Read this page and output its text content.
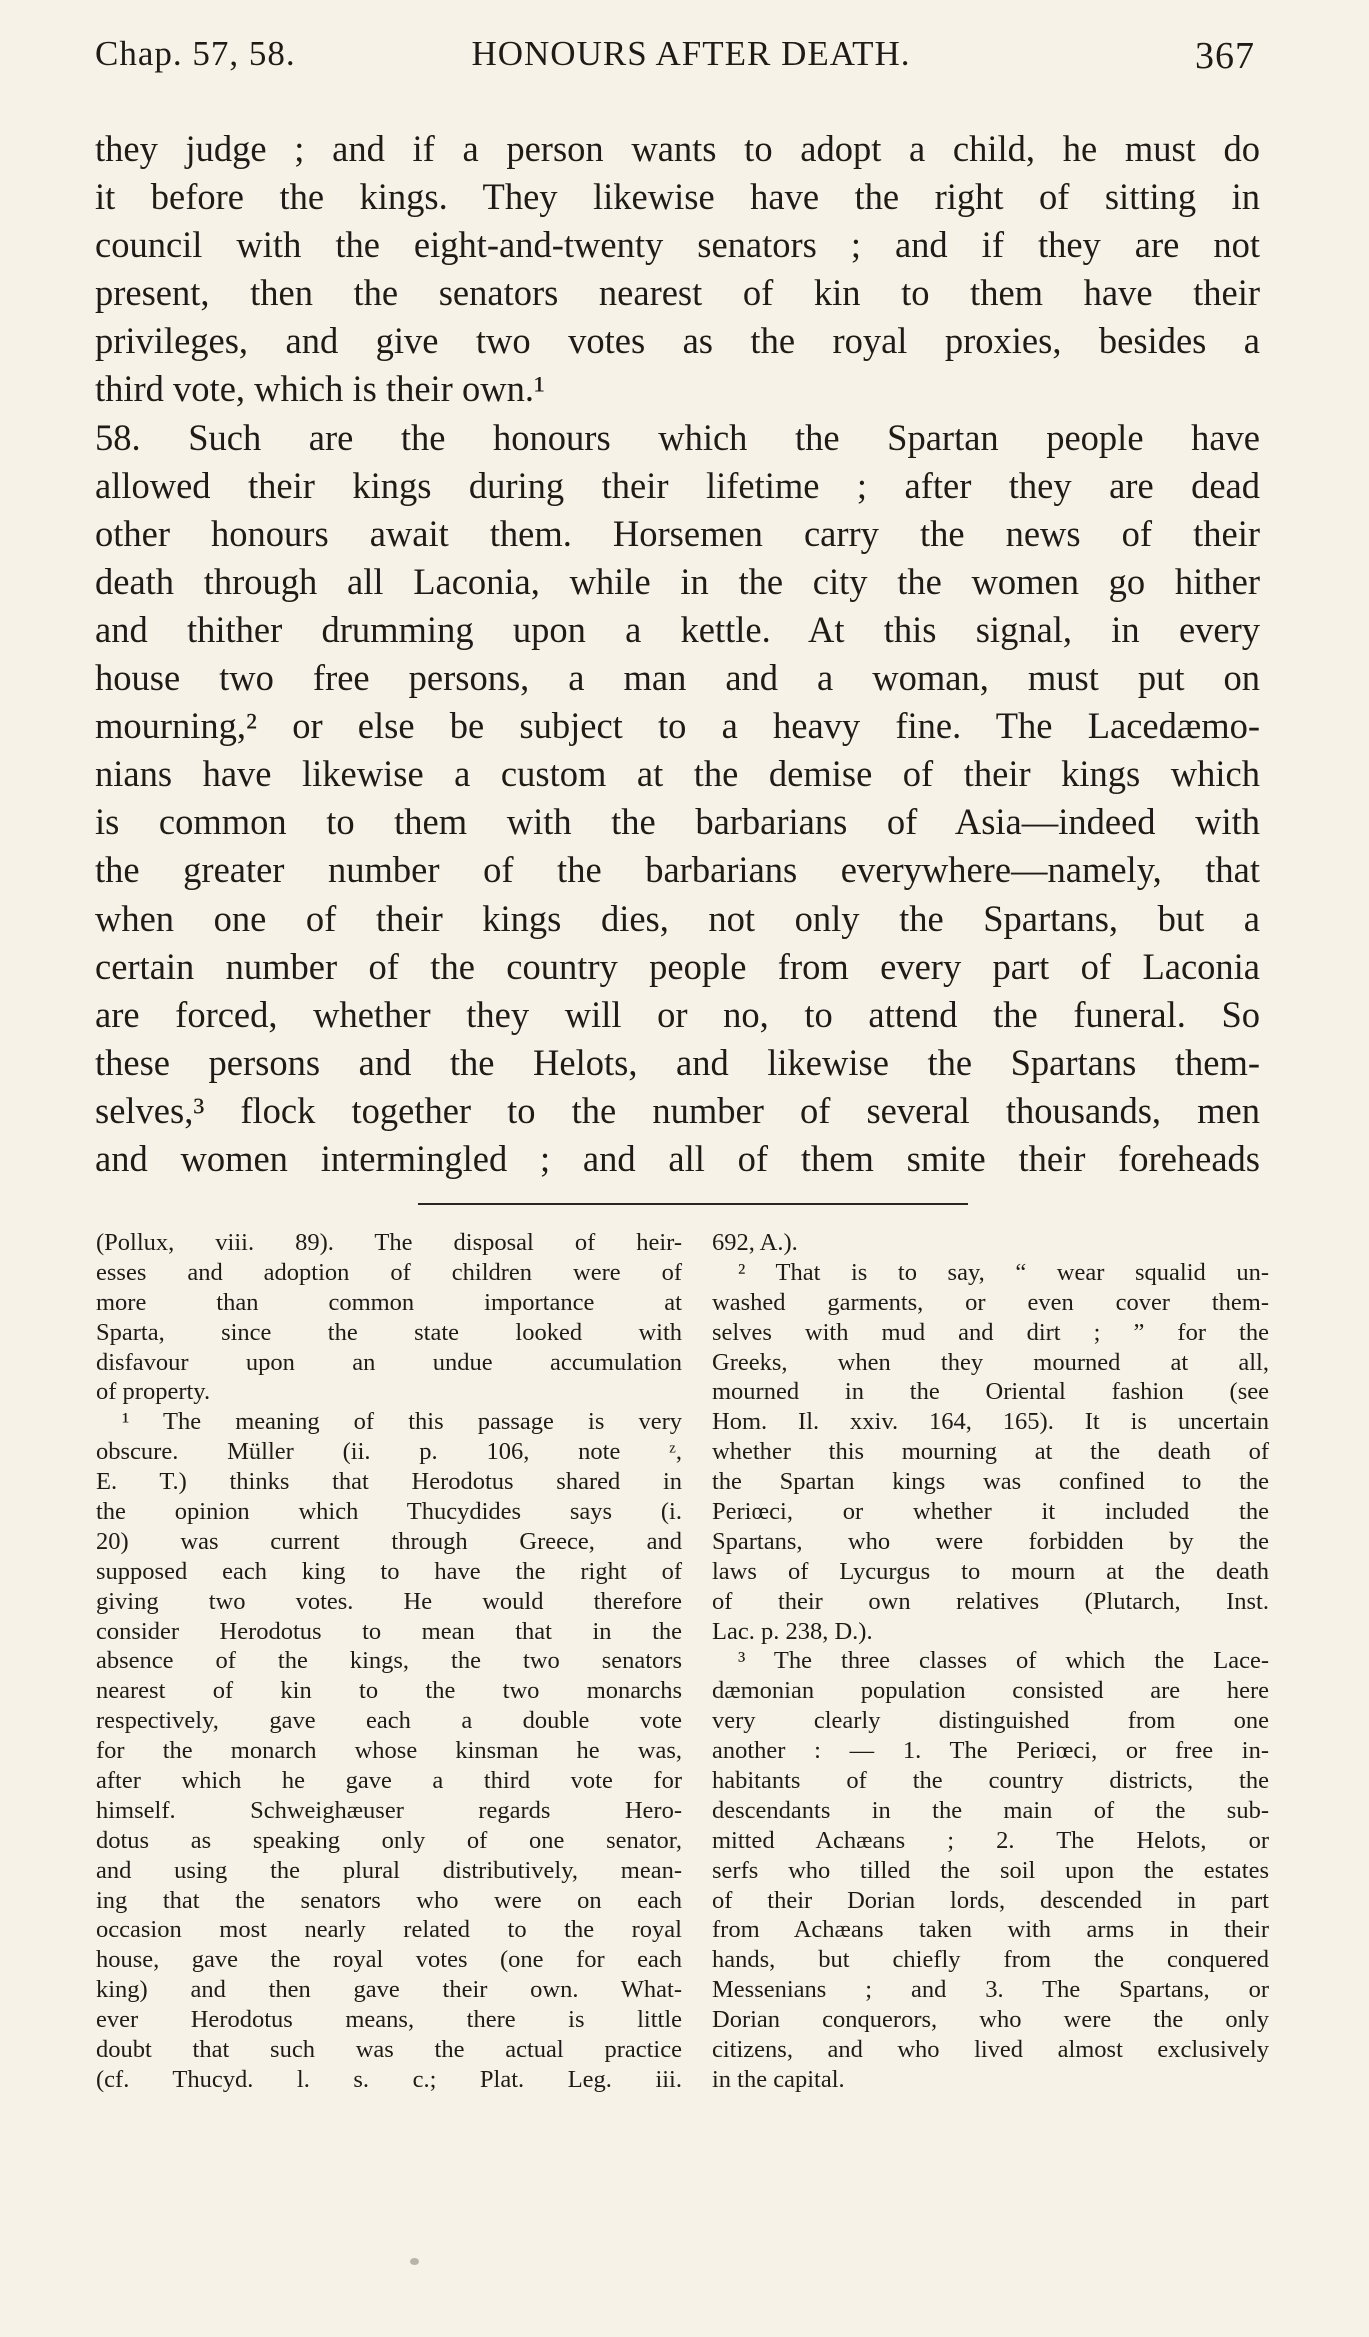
Chap. 57, 58.	HONOURS AFTER DEATH.	367
they judge ; and if a person wants to adopt a child, he must do
it before the kings. They likewise have the right of sitting in
council with the eight-and-twenty senators ; and if they are not
present, then the senators nearest of kin to them have their
privileges, and give two votes as the royal proxies, besides a
third vote, which is their own.¹
58. Such are the honours which the Spartan people have
allowed their kings during their lifetime ; after they are dead
other honours await them. Horsemen carry the news of their
death through all Laconia, while in the city the women go hither
and thither drumming upon a kettle. At this signal, in every
house two free persons, a man and a woman, must put on
mourning,² or else be subject to a heavy fine. The Lacedæmo-
nians have likewise a custom at the demise of their kings which
is common to them with the barbarians of Asia—indeed with
the greater number of the barbarians everywhere—namely, that
when one of their kings dies, not only the Spartans, but a
certain number of the country people from every part of Laconia
are forced, whether they will or no, to attend the funeral. So
these persons and the Helots, and likewise the Spartans them-
selves,³ flock together to the number of several thousands, men
and women intermingled ; and all of them smite their foreheads
(Pollux, viii. 89). The disposal of heir-
esses and adoption of children were of
more than common importance at
Sparta, since the state looked with
disfavour upon an undue accumulation
of property.
¹ The meaning of this passage is very
obscure. Müller (ii. p. 106, note ᶻ,
E. T.) thinks that Herodotus shared in
the opinion which Thucydides says (i.
20) was current through Greece, and
supposed each king to have the right of
giving two votes. He would therefore
consider Herodotus to mean that in the
absence of the kings, the two senators
nearest of kin to the two monarchs
respectively, gave each a double vote
for the monarch whose kinsman he was,
after which he gave a third vote for
himself. Schweighæuser regards Hero-
dotus as speaking only of one senator,
and using the plural distributively, mean-
ing that the senators who were on each
occasion most nearly related to the royal
house, gave the royal votes (one for each
king) and then gave their own. What-
ever Herodotus means, there is little
doubt that such was the actual practice
(cf. Thucyd. l. s. c.; Plat. Leg. iii.
692, A.).
² That is to say, “ wear squalid un-
washed garments, or even cover them-
selves with mud and dirt ; ” for the
Greeks, when they mourned at all,
mourned in the Oriental fashion (see
Hom. Il. xxiv. 164, 165). It is uncertain
whether this mourning at the death of
the Spartan kings was confined to the
Periœci, or whether it included the
Spartans, who were forbidden by the
laws of Lycurgus to mourn at the death
of their own relatives (Plutarch, Inst.
Lac. p. 238, D.).
³ The three classes of which the Lace-
dæmonian population consisted are here
very clearly distinguished from one
another : — 1. The Periœci, or free in-
habitants of the country districts, the
descendants in the main of the sub-
mitted Achæans ; 2. The Helots, or
serfs who tilled the soil upon the estates
of their Dorian lords, descended in part
from Achæans taken with arms in their
hands, but chiefly from the conquered
Messenians ; and 3. The Spartans, or
Dorian conquerors, who were the only
citizens, and who lived almost exclusively
in the capital.
